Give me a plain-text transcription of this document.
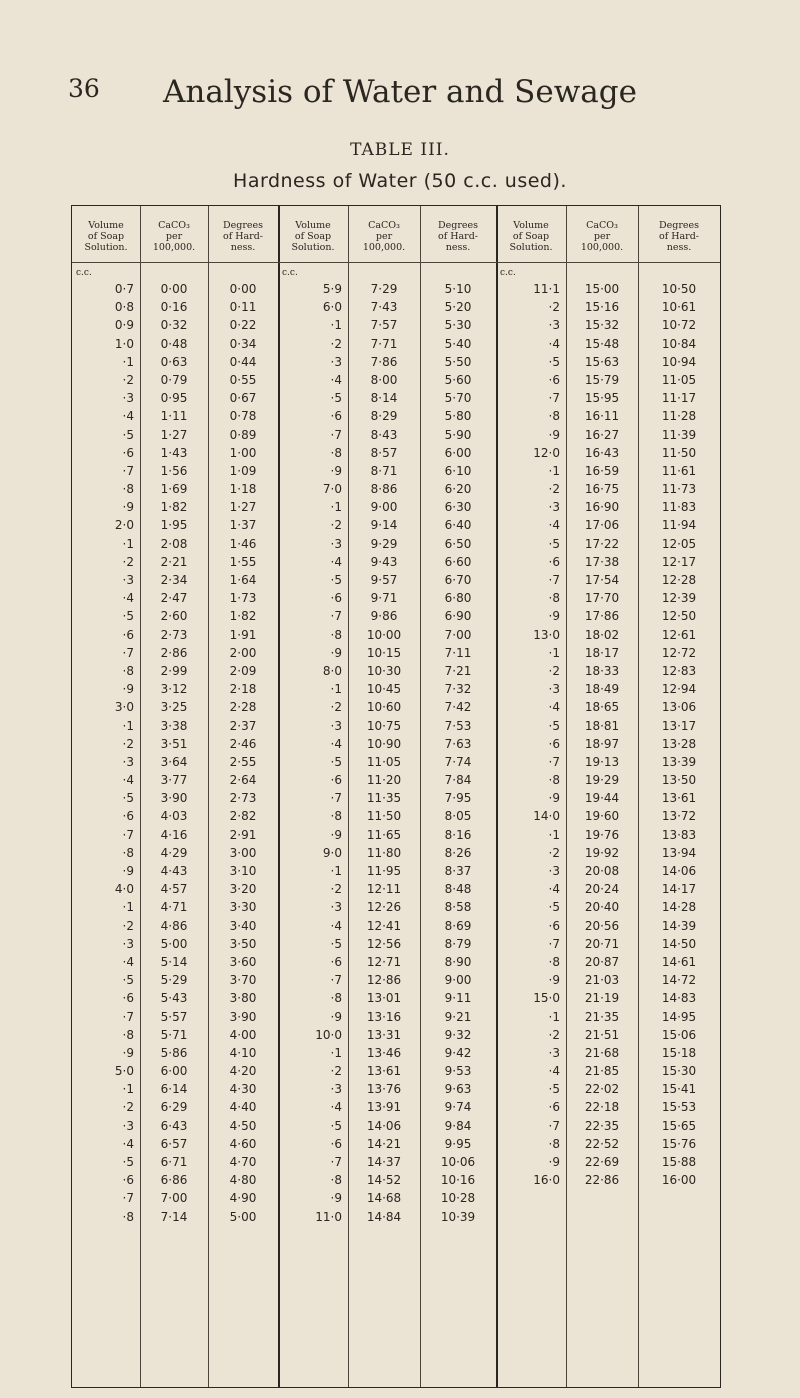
36	Analysis of Water and Sewage
TABLE III.
Hardness of Water (50 c.c. used).
Volume
of Soap
Solution.
c.c.
0·7
0·8
0·9
1·0
·1
·2
·3
·4
·5
·6
·7
·8
·9
2·0
·1
·2
·3
·4
·5
·6
·7
·8
·9
3·0
·1
·2
·3
·4
·5
·6
·7
·8
·9
4·0
·1
·2
·3
·4
·5
·6
·7
·8
·9
5·0
·1
·2
·3
·4
·5
·6
·7
·8
CaCO₃
per
100,000.
0·00
0·16
0·32
0·48
0·63
0·79
0·95
1·11
1·27
1·43
1·56
1·69
1·82
1·95
2·08
2·21
2·34
2·47
2·60
2·73
2·86
2·99
3·12
3·25
3·38
3·51
3·64
3·77
3·90
4·03
4·16
4·29
4·43
4·57
4·71
4·86
5·00
5·14
5·29
5·43
5·57
5·71
5·86
6·00
6·14
6·29
6·43
6·57
6·71
6·86
7·00
7·14
Degrees
of Hard-
ness.
0·00
0·11
0·22
0·34
0·44
0·55
0·67
0·78
0·89
1·00
1·09
1·18
1·27
1·37
1·46
1·55
1·64
1·73
1·82
1·91
2·00
2·09
2·18
2·28
2·37
2·46
2·55
2·64
2·73
2·82
2·91
3·00
3·10
3·20
3·30
3·40
3·50
3·60
3·70
3·80
3·90
4·00
4·10
4·20
4·30
4·40
4·50
4·60
4·70
4·80
4·90
5·00
Volume
of Soap
Solution.
c.c.
5·9
6·0
·1
·2
·3
·4
·5
·6
·7
·8
·9
7·0
·1
·2
·3
·4
·5
·6
·7
·8
·9
8·0
·1
·2
·3
·4
·5
·6
·7
·8
·9
9·0
·1
·2
·3
·4
·5
·6
·7
·8
·9
10·0
·1
·2
·3
·4
·5
·6
·7
·8
·9
11·0
CaCO₃
per
100,000.
7·29
7·43
7·57
7·71
7·86
8·00
8·14
8·29
8·43
8·57
8·71
8·86
9·00
9·14
9·29
9·43
9·57
9·71
9·86
10·00
10·15
10·30
10·45
10·60
10·75
10·90
11·05
11·20
11·35
11·50
11·65
11·80
11·95
12·11
12·26
12·41
12·56
12·71
12·86
13·01
13·16
13·31
13·46
13·61
13·76
13·91
14·06
14·21
14·37
14·52
14·68
14·84
Degrees
of Hard-
ness.
5·10
5·20
5·30
5·40
5·50
5·60
5·70
5·80
5·90
6·00
6·10
6·20
6·30
6·40
6·50
6·60
6·70
6·80
6·90
7·00
7·11
7·21
7·32
7·42
7·53
7·63
7·74
7·84
7·95
8·05
8·16
8·26
8·37
8·48
8·58
8·69
8·79
8·90
9·00
9·11
9·21
9·32
9·42
9·53
9·63
9·74
9·84
9·95
10·06
10·16
10·28
10·39
Volume
of Soap
Solution.
c.c.
11·1
·2
·3
·4
·5
·6
·7
·8
·9
12·0
·1
·2
·3
·4
·5
·6
·7
·8
·9
13·0
·1
·2
·3
·4
·5
·6
·7
·8
·9
14·0
·1
·2
·3
·4
·5
·6
·7
·8
·9
15·0
·1
·2
·3
·4
·5
·6
·7
·8
·9
16·0
CaCO₃
per
100,000.
15·00
15·16
15·32
15·48
15·63
15·79
15·95
16·11
16·27
16·43
16·59
16·75
16·90
17·06
17·22
17·38
17·54
17·70
17·86
18·02
18·17
18·33
18·49
18·65
18·81
18·97
19·13
19·29
19·44
19·60
19·76
19·92
20·08
20·24
20·40
20·56
20·71
20·87
21·03
21·19
21·35
21·51
21·68
21·85
22·02
22·18
22·35
22·52
22·69
22·86
Degrees
of Hard-
ness.
10·50
10·61
10·72
10·84
10·94
11·05
11·17
11·28
11·39
11·50
11·61
11·73
11·83
11·94
12·05
12·17
12·28
12·39
12·50
12·61
12·72
12·83
12·94
13·06
13·17
13·28
13·39
13·50
13·61
13·72
13·83
13·94
14·06
14·17
14·28
14·39
14·50
14·61
14·72
14·83
14·95
15·06
15·18
15·30
15·41
15·53
15·65
15·76
15·88
16·00
